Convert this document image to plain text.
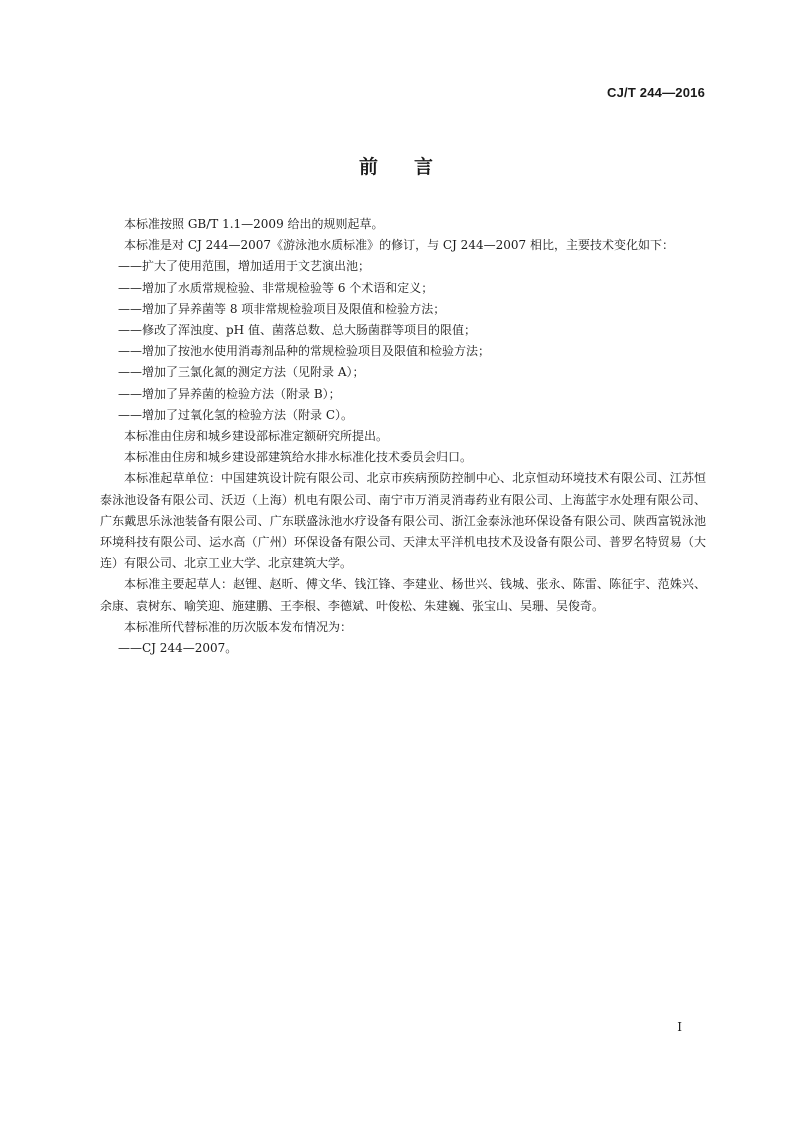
CJ/T 244—2016
前 言

本标准按照 GB/T 1.1—2009 给出的规则起草。

本标准是对 CJ 244—2007《游泳池水质标准》的修订，与 CJ 244—2007 相比，主要技术变化如下：

——扩大了使用范围，增加适用于文艺演出池；

——增加了水质常规检验、非常规检验等 6 个术语和定义；

——增加了异养菌等 8 项非常规检验项目及限值和检验方法；

——修改了浑浊度、pH 值、菌落总数、总大肠菌群等项目的限值；

——增加了按池水使用消毒剂品种的常规检验项目及限值和检验方法；

——增加了三氯化氮的测定方法（见附录 A）；

——增加了异养菌的检验方法（附录 B）；

——增加了过氧化氢的检验方法（附录 C）。

本标准由住房和城乡建设部标准定额研究所提出。

本标准由住房和城乡建设部建筑给水排水标准化技术委员会归口。

本标准起草单位：中国建筑设计院有限公司、北京市疾病预防控制中心、北京恒动环境技术有限公司、江苏恒泰泳池设备有限公司、沃迈（上海）机电有限公司、南宁市万消灵消毒药业有限公司、上海蓝宇水处理有限公司、广东戴思乐泳池装备有限公司、广东联盛泳池水疗设备有限公司、浙江金泰泳池环保设备有限公司、陕西富锐泳池环境科技有限公司、运水高（广州）环保设备有限公司、天津太平洋机电技术及设备有限公司、普罗名特贸易（大连）有限公司、北京工业大学、北京建筑大学。

本标准主要起草人：赵锂、赵昕、傅文华、钱江锋、李建业、杨世兴、钱城、张永、陈雷、陈征宇、范姝兴、余康、袁树东、喻笑迎、施建鹏、王李根、李德斌、叶俊松、朱建巍、张宝山、吴珊、吴俊奇。

本标准所代替标准的历次版本发布情况为：

——CJ 244—2007。

I
